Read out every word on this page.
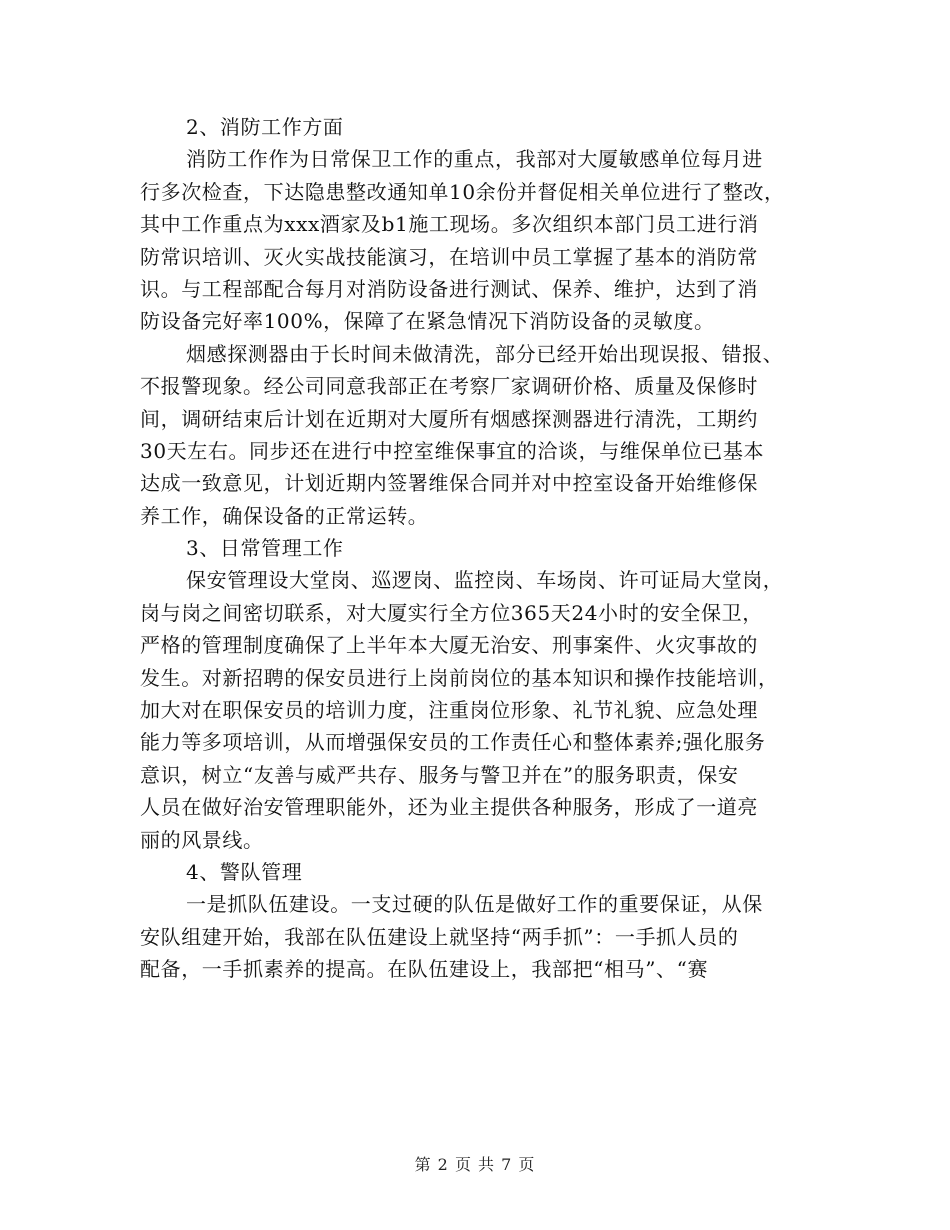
2、消防工作方面
消防工作作为日常保卫工作的重点，我部对大厦敏感单位每月进
行多次检查，下达隐患整改通知单10余份并督促相关单位进行了整改，
其中工作重点为xxx酒家及b1施工现场。多次组织本部门员工进行消
防常识培训、灭火实战技能演习，在培训中员工掌握了基本的消防常
识。与工程部配合每月对消防设备进行测试、保养、维护，达到了消
防设备完好率100%，保障了在紧急情况下消防设备的灵敏度。
烟感探测器由于长时间未做清洗，部分已经开始出现误报、错报、
不报警现象。经公司同意我部正在考察厂家调研价格、质量及保修时
间，调研结束后计划在近期对大厦所有烟感探测器进行清洗，工期约
30天左右。同步还在进行中控室维保事宜的洽谈，与维保单位已基本
达成一致意见，计划近期内签署维保合同并对中控室设备开始维修保
养工作，确保设备的正常运转。
3、日常管理工作
保安管理设大堂岗、巡逻岗、监控岗、车场岗、许可证局大堂岗，
岗与岗之间密切联系，对大厦实行全方位365天24小时的安全保卫，
严格的管理制度确保了上半年本大厦无治安、刑事案件、火灾事故的
发生。对新招聘的保安员进行上岗前岗位的基本知识和操作技能培训，
加大对在职保安员的培训力度，注重岗位形象、礼节礼貌、应急处理
能力等多项培训，从而增强保安员的工作责任心和整体素养;强化服务
意识，树立“友善与威严共存、服务与警卫并在”的服务职责，保安
人员在做好治安管理职能外，还为业主提供各种服务，形成了一道亮
丽的风景线。
4、警队管理
一是抓队伍建设。一支过硬的队伍是做好工作的重要保证，从保
安队组建开始，我部在队伍建设上就坚持“两手抓”：一手抓人员的
配备，一手抓素养的提高。在队伍建设上，我部把“相马”、“赛
第 2 页 共 7 页
